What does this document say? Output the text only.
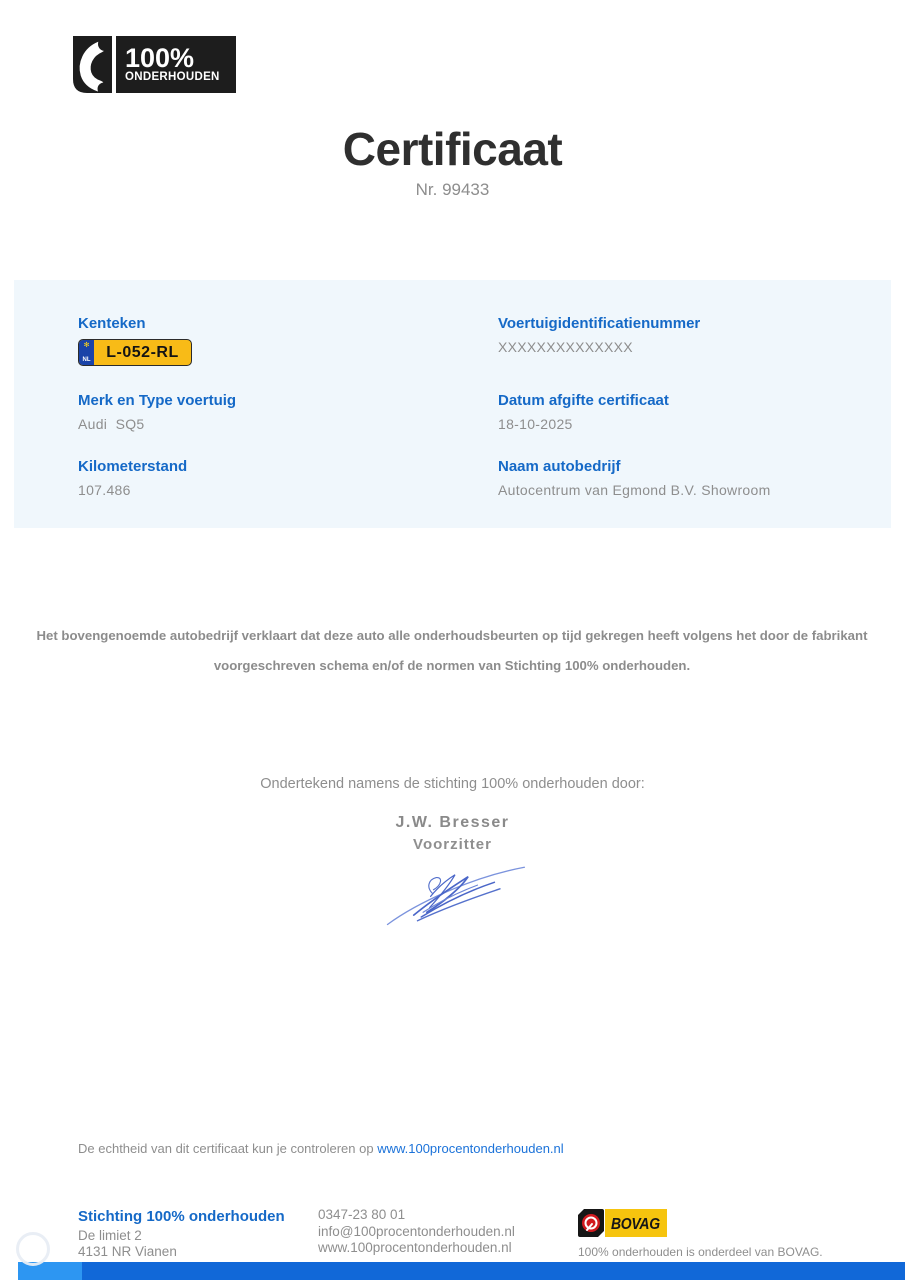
100%
ONDERHOUDEN
Certificaat
Nr. 99433
Kenteken
✻
NL L-052-RL
Voertuigidentificatienummer
XXXXXXXXXXXXXX
Merk en Type voertuig
Audi  SQ5
Datum afgifte certificaat
18-10-2025
Kilometerstand
107.486
Naam autobedrijf
Autocentrum van Egmond B.V. Showroom
Het bovengenoemde autobedrijf verklaart dat deze auto alle onderhoudsbeurten op tijd gekregen heeft volgens het door de fabrikant voorgeschreven schema en/of de normen van Stichting 100% onderhouden.
Ondertekend namens de stichting 100% onderhouden door:
J.W. Bresser
Voorzitter
De echtheid van dit certificaat kun je controleren op www.100procentonderhouden.nl
Stichting 100% onderhouden
De limiet 2
4131 NR Vianen
0347-23 80 01
info@100procentonderhouden.nl
www.100procentonderhouden.nl
BOVAG
100% onderhouden is onderdeel van BOVAG.
